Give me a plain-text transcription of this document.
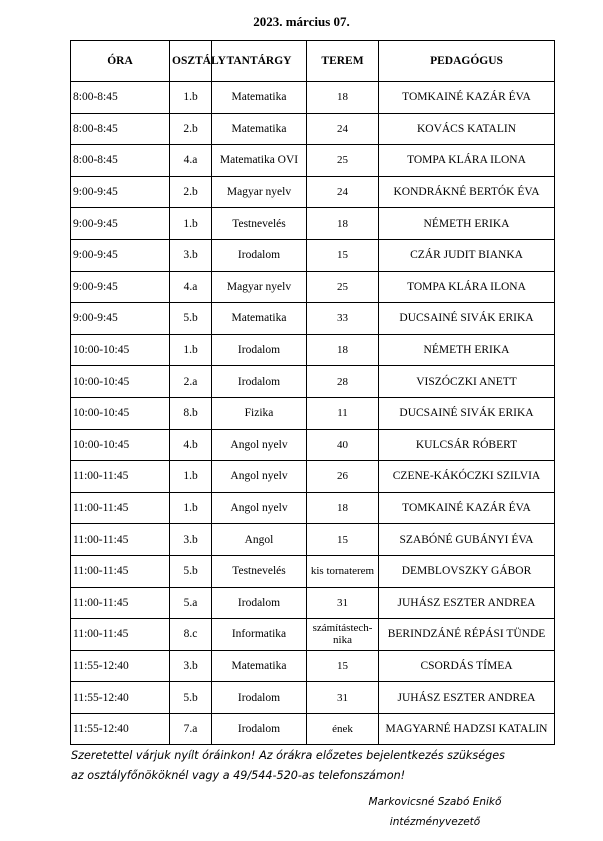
2023. március 07.
ÓRA	OSZTÁLY	TANTÁRGY	TEREM	PEDAGÓGUS
8:00-8:45	1.b	Matematika	18	TOMKAINÉ KAZÁR ÉVA
8:00-8:45	2.b	Matematika	24	KOVÁCS KATALIN
8:00-8:45	4.a	Matematika OVI	25	TOMPA KLÁRA ILONA
9:00-9:45	2.b	Magyar nyelv	24	KONDRÁKNÉ BERTÓK ÉVA
9:00-9:45	1.b	Testnevelés	18	NÉMETH ERIKA
9:00-9:45	3.b	Irodalom	15	CZÁR JUDIT BIANKA
9:00-9:45	4.a	Magyar nyelv	25	TOMPA KLÁRA ILONA
9:00-9:45	5.b	Matematika	33	DUCSAINÉ SIVÁK ERIKA
10:00-10:45	1.b	Irodalom	18	NÉMETH ERIKA
10:00-10:45	2.a	Irodalom	28	VISZÓCZKI ANETT
10:00-10:45	8.b	Fizika	11	DUCSAINÉ SIVÁK ERIKA
10:00-10:45	4.b	Angol nyelv	40	KULCSÁR RÓBERT
11:00-11:45	1.b	Angol nyelv	26	CZENE-KÁKÓCZKI SZILVIA
11:00-11:45	1.b	Angol nyelv	18	TOMKAINÉ KAZÁR ÉVA
11:00-11:45	3.b	Angol	15	SZABÓNÉ GUBÁNYI ÉVA
11:00-11:45	5.b	Testnevelés	kis tornaterem	DEMBLOVSZKY GÁBOR
11:00-11:45	5.a	Irodalom	31	JUHÁSZ ESZTER ANDREA
11:00-11:45	8.c	Informatika	számítástech-nika	BERINDZÁNÉ RÉPÁSI TÜNDE
11:55-12:40	3.b	Matematika	15	CSORDÁS TÍMEA
11:55-12:40	5.b	Irodalom	31	JUHÁSZ ESZTER ANDREA
11:55-12:40	7.a	Irodalom	ének	MAGYARNÉ HADZSI KATALIN
Szeretettel várjuk nyílt óráinkon! Az órákra előzetes bejelentkezés szükséges
az osztályfőnököknél vagy a 49/544-520-as telefonszámon!
Markovicsné Szabó Enikő
intézményvezető
